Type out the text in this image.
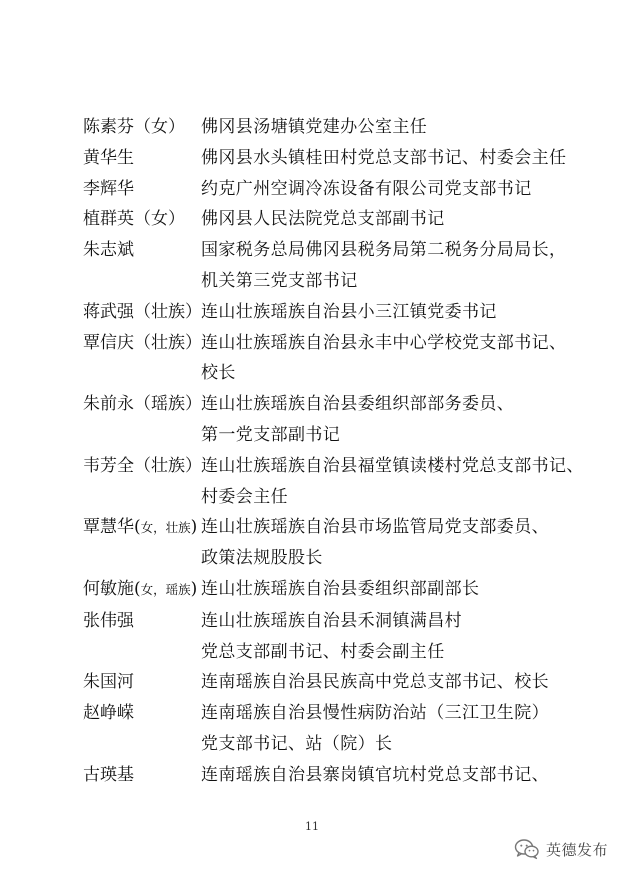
陈素芬（女） 佛冈县汤塘镇党建办公室主任
黄华生	佛冈县水头镇桂田村党总支部书记、村委会主任
李辉华	约克广州空调冷冻设备有限公司党支部书记
植群英（女） 佛冈县人民法院党总支部副书记
朱志斌	国家税务总局佛冈县税务局第二税务分局局长，
机关第三党支部书记
蒋武强（壮族） 连山壮族瑶族自治县小三江镇党委书记
覃信庆（壮族） 连山壮族瑶族自治县永丰中心学校党支部书记、
校长
朱前永（瑶族） 连山壮族瑶族自治县委组织部部务委员、
第一党支部副书记
韦芳全（壮族） 连山壮族瑶族自治县福堂镇读楼村党总支部书记、
村委会主任
覃慧华(女，壮族) 连山壮族瑶族自治县市场监管局党支部委员、
政策法规股股长
何敏施(女，瑶族) 连山壮族瑶族自治县委组织部副部长
张伟强	连山壮族瑶族自治县禾洞镇满昌村
党总支部副书记、村委会副主任
朱国河	连南瑶族自治县民族高中党总支部书记、校长
赵峥嵘	连南瑶族自治县慢性病防治站（三江卫生院）
党支部书记、站（院）长
古瑛基	连南瑶族自治县寨岗镇官坑村党总支部书记、
11
英德发布
